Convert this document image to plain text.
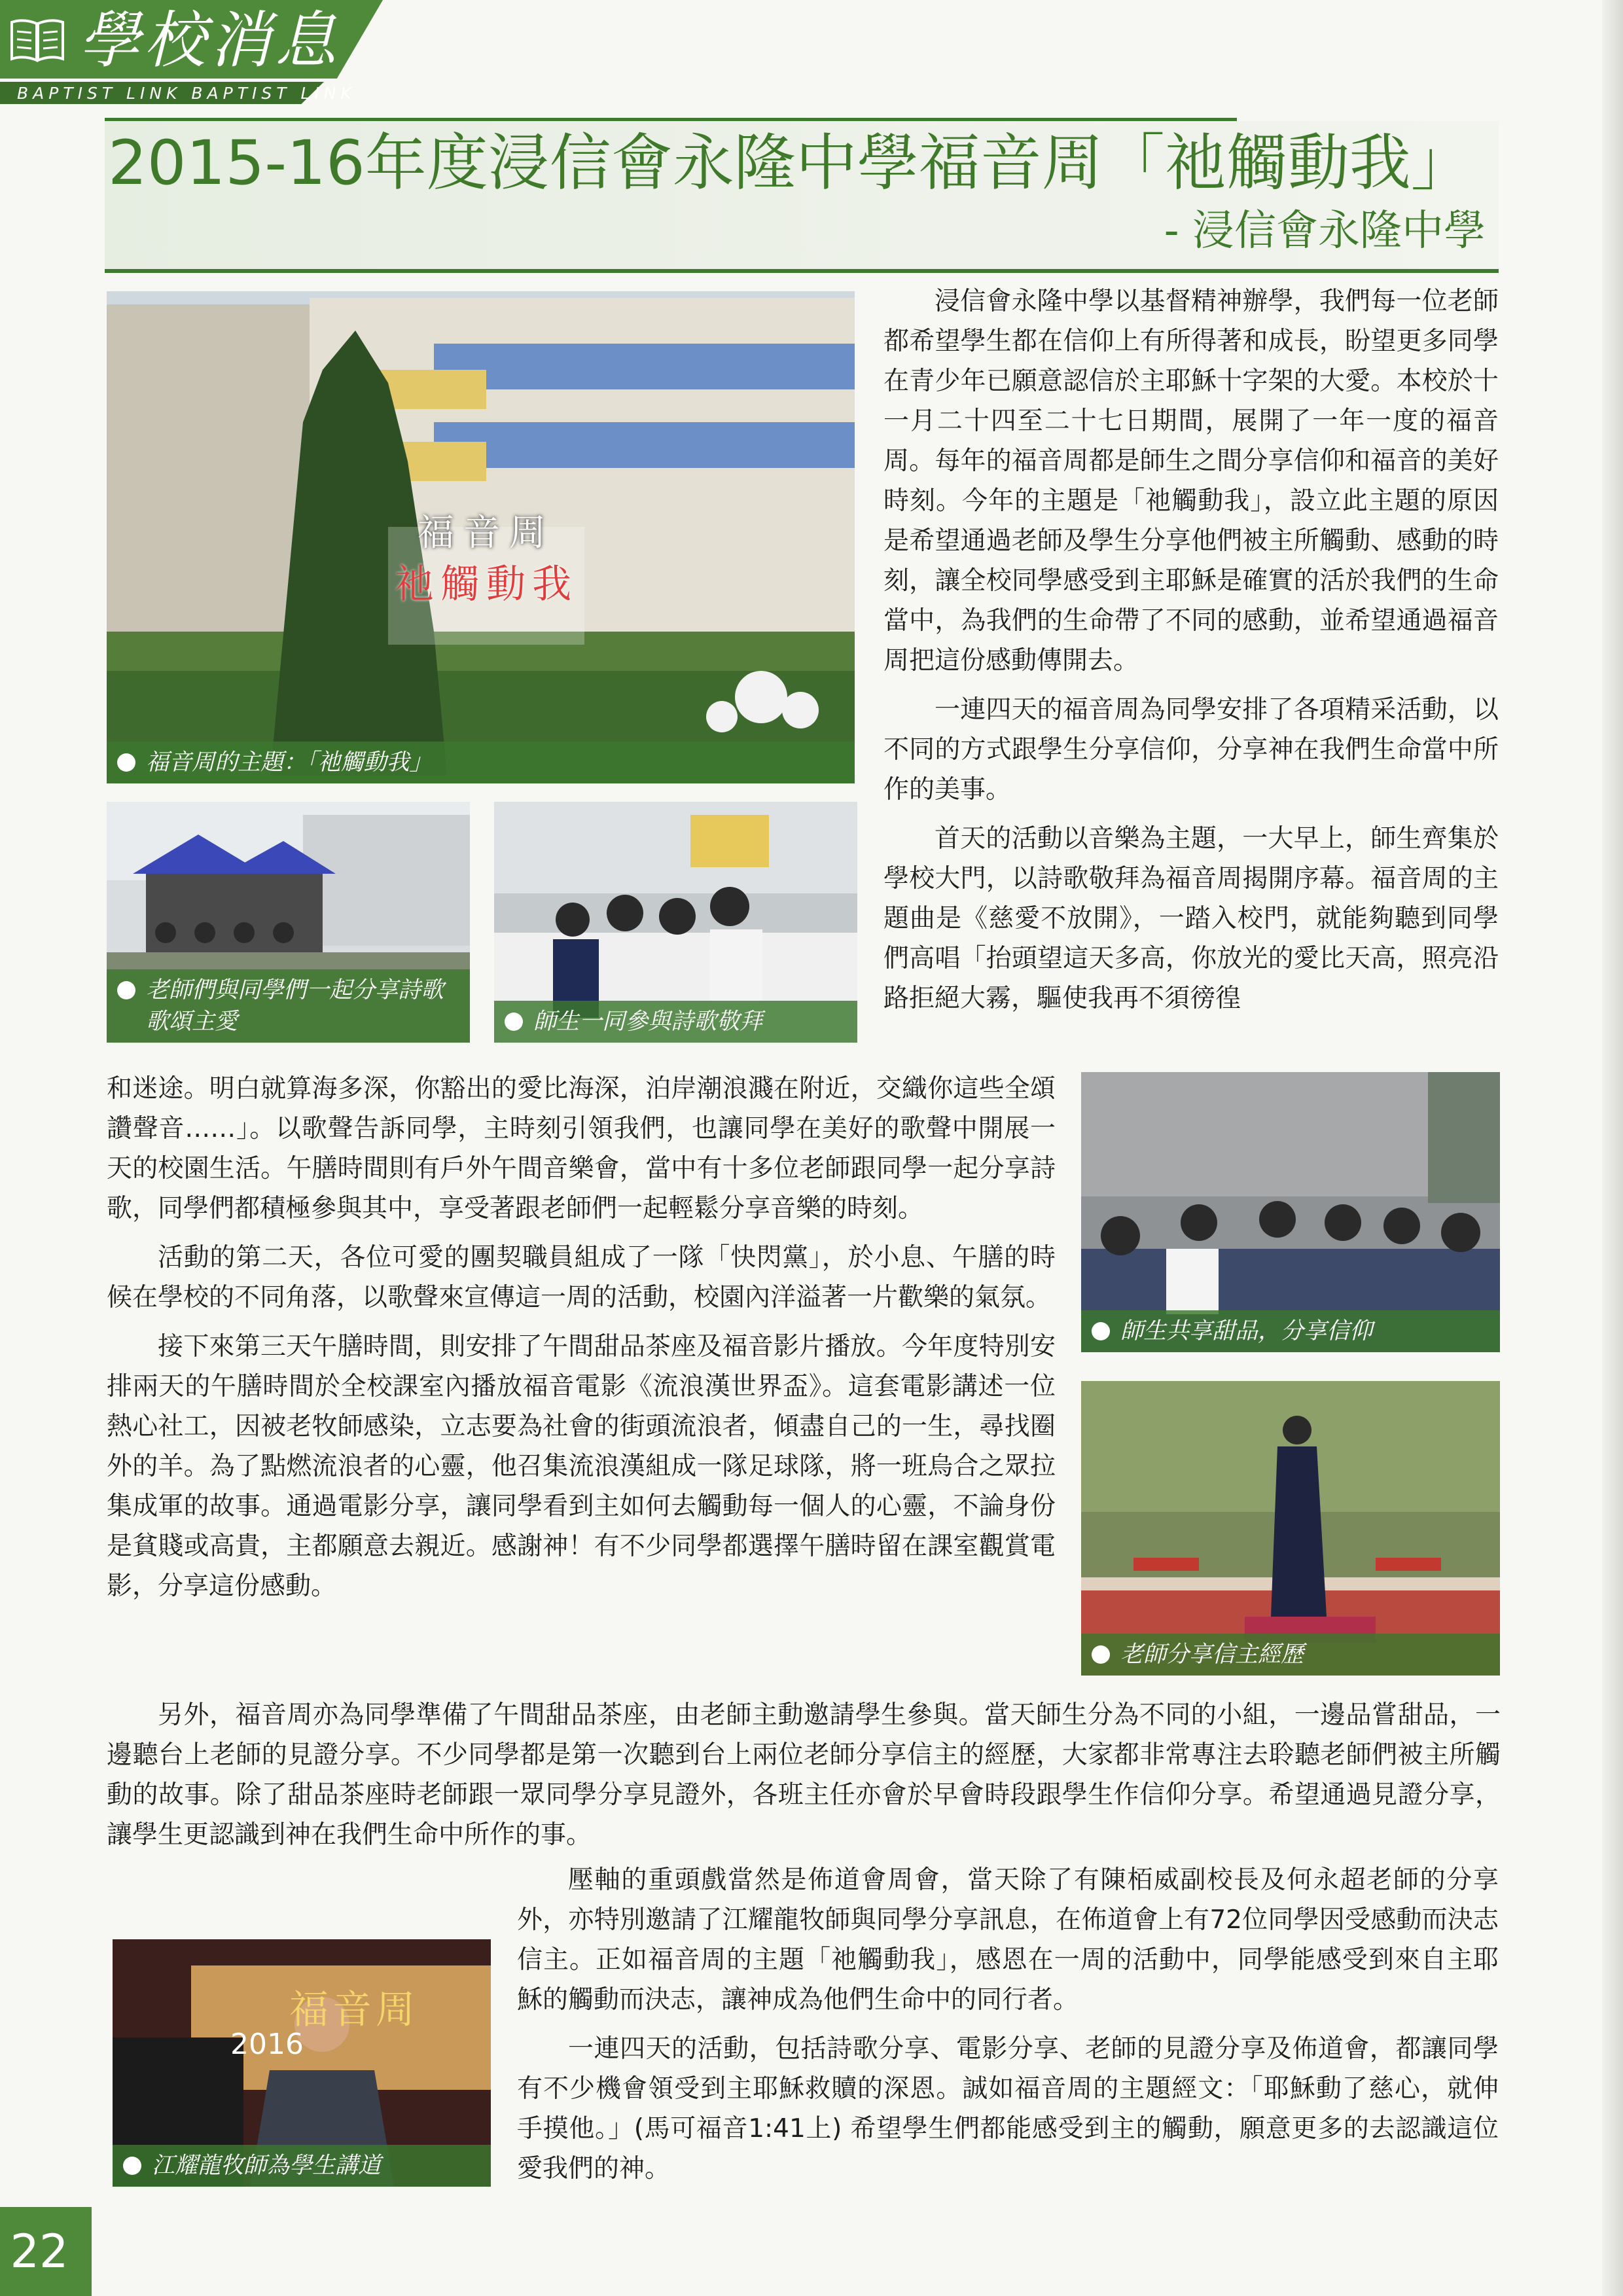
學校消息
BAPTIST LINK BAPTIST LINK
2015-16年度浸信會永隆中學福音周「祂觸動我」
- 浸信會永隆中學
福音周
祂觸動我
福音周的主題：「祂觸動我」
老師們與同學們一起分享詩歌歌頌主愛	師生一同參與詩歌敬拜

浸信會永隆中學以基督精神辦學，我們每一位老師都希望學生都在信仰上有所得著和成長，盼望更多同學在青少年已願意認信於主耶穌十字架的大愛。本校於十一月二十四至二十七日期間，展開了一年一度的福音周。每年的福音周都是師生之間分享信仰和福音的美好時刻。今年的主題是「祂觸動我」，設立此主題的原因是希望通過老師及學生分享他們被主所觸動、感動的時刻，讓全校同學感受到主耶穌是確實的活於我們的生命當中，為我們的生命帶了不同的感動，並希望通過福音周把這份感動傳開去。

一連四天的福音周為同學安排了各項精采活動，以不同的方式跟學生分享信仰，分享神在我們生命當中所作的美事。

首天的活動以音樂為主題，一大早上，師生齊集於學校大門，以詩歌敬拜為福音周揭開序幕。福音周的主題曲是《慈愛不放開》，一踏入校門，就能夠聽到同學們高唱「抬頭望這天多高，你放光的愛比天高，照亮沿路拒絕大霧，驅使我再不須徬徨

和迷途。明白就算海多深，你豁出的愛比海深，泊岸潮浪濺在附近，交織你這些全頌讚聲音……」。以歌聲告訴同學，主時刻引領我們，也讓同學在美好的歌聲中開展一天的校園生活。午膳時間則有戶外午間音樂會，當中有十多位老師跟同學一起分享詩歌，同學們都積極參與其中，享受著跟老師們一起輕鬆分享音樂的時刻。

活動的第二天，各位可愛的團契職員組成了一隊「快閃黨」，於小息、午膳的時候在學校的不同角落，以歌聲來宣傳這一周的活動，校園內洋溢著一片歡樂的氣氛。

接下來第三天午膳時間，則安排了午間甜品茶座及福音影片播放。今年度特別安排兩天的午膳時間於全校課室內播放福音電影《流浪漢世界盃》。這套電影講述一位熱心社工，因被老牧師感染，立志要為社會的街頭流浪者，傾盡自己的一生，尋找圈外的羊。為了點燃流浪者的心靈，他召集流浪漢組成一隊足球隊，將一班烏合之眾拉集成軍的故事。通過電影分享，讓同學看到主如何去觸動每一個人的心靈，不論身份是貧賤或高貴，主都願意去親近。感謝神！有不少同學都選擇午膳時留在課室觀賞電影，分享這份感動。

師生共享甜品，分享信仰
老師分享信主經歷

另外，福音周亦為同學準備了午間甜品茶座，由老師主動邀請學生參與。當天師生分為不同的小組，一邊品嘗甜品，一邊聽台上老師的見證分享。不少同學都是第一次聽到台上兩位老師分享信主的經歷，大家都非常專注去聆聽老師們被主所觸動的故事。除了甜品茶座時老師跟一眾同學分享見證外，各班主任亦會於早會時段跟學生作信仰分享。希望通過見證分享，讓學生更認識到神在我們生命中所作的事。

福音周
2016
江耀龍牧師為學生講道

壓軸的重頭戲當然是佈道會周會，當天除了有陳栢威副校長及何永超老師的分享外，亦特別邀請了江耀龍牧師與同學分享訊息，在佈道會上有72位同學因受感動而決志信主。正如福音周的主題「祂觸動我」，感恩在一周的活動中，同學能感受到來自主耶穌的觸動而決志，讓神成為他們生命中的同行者。

一連四天的活動，包括詩歌分享、電影分享、老師的見證分享及佈道會，都讓同學有不少機會領受到主耶穌救贖的深恩。誠如福音周的主題經文：「耶穌動了慈心，就伸手摸他。」(馬可福音1:41上) 希望學生們都能感受到主的觸動，願意更多的去認識這位愛我們的神。

22
